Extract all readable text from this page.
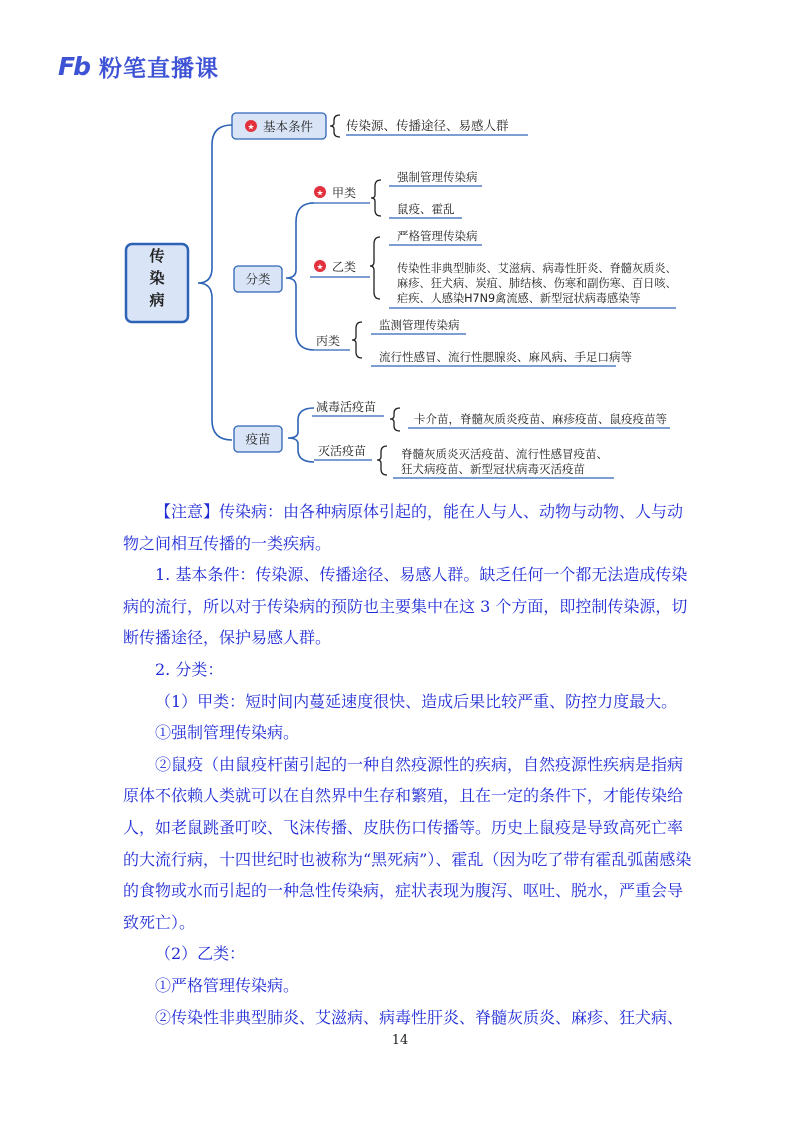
Fb 粉笔直播课
传
染
病
★ 基本条件	传染源、传播途径、易感人群
分类
★ 甲类
强制管理传染病
鼠疫、霍乱
★ 乙类
严格管理传染病
传染性非典型肺炎、艾滋病、病毒性肝炎、脊髓灰质炎、
麻疹、狂犬病、炭疽、肺结核、伤寒和副伤寒、百日咳、
疟疾、人感染H7N9禽流感、新型冠状病毒感染等
丙类
监测管理传染病
流行性感冒、流行性腮腺炎、麻风病、手足口病等
疫苗
减毒活疫苗
卡介苗，脊髓灰质炎疫苗、麻疹疫苗、鼠疫疫苗等
灭活疫苗	脊髓灰质炎灭活疫苗、流行性感冒疫苗、
狂犬病疫苗、新型冠状病毒灭活疫苗

【注意】传染病：由各种病原体引起的，能在人与人、动物与动物、人与动物之间相互传播的一类疾病。

1. 基本条件：传染源、传播途径、易感人群。缺乏任何一个都无法造成传染病的流行，所以对于传染病的预防也主要集中在这 3 个方面，即控制传染源，切断传播途径，保护易感人群。

2. 分类：

（1）甲类：短时间内蔓延速度很快、造成后果比较严重、防控力度最大。

①强制管理传染病。

②鼠疫（由鼠疫杆菌引起的一种自然疫源性的疾病，自然疫源性疾病是指病原体不依赖人类就可以在自然界中生存和繁殖，且在一定的条件下，才能传染给人，如老鼠跳蚤叮咬、飞沫传播、皮肤伤口传播等。历史上鼠疫是导致高死亡率的大流行病，十四世纪时也被称为“黑死病”）、霍乱（因为吃了带有霍乱弧菌感染的食物或水而引起的一种急性传染病，症状表现为腹泻、呕吐、脱水，严重会导致死亡）。

（2）乙类：

①严格管理传染病。

②传染性非典型肺炎、艾滋病、病毒性肝炎、脊髓灰质炎、麻疹、狂犬病、

14
